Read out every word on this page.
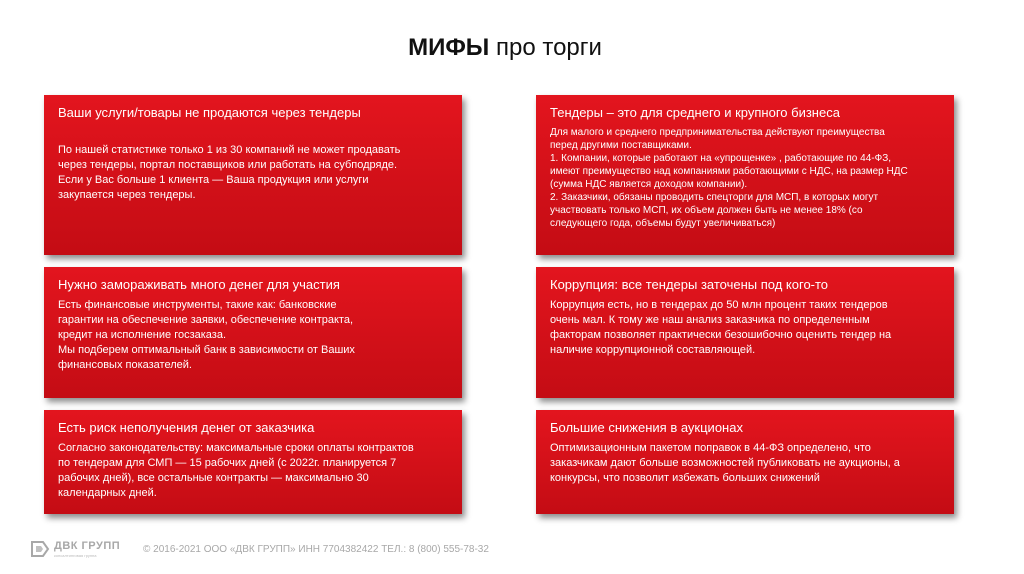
МИФЫ про торги
Ваши услуги/товары не продаются через тендеры
По нашей статистике только 1 из 30 компаний не может продавать
через тендеры, портал поставщиков или работать на субподряде.
Если у Вас больше 1 клиента — Ваша продукция или услуги
закупается через тендеры.
Тендеры – это для среднего и крупного бизнеса
Для малого и среднего предпринимательства действуют преимущества
перед другими поставщиками.
1. Компании, которые работают на «упрощенке» , работающие по 44-ФЗ,
имеют преимущество над компаниями работающими с НДС, на размер НДС
(сумма НДС является доходом компании).
2. Заказчики, обязаны проводить спецторги для МСП, в которых могут
участвовать только МСП, их объем должен быть не менее 18% (со
следующего года, объемы будут увеличиваться)
Нужно замораживать много денег для участия
Есть финансовые инструменты, такие как: банковские
гарантии на обеспечение заявки, обеспечение контракта,
кредит на исполнение госзаказа.
Мы подберем оптимальный банк в зависимости от Ваших
финансовых показателей.
Коррупция: все тендеры заточены под кого-то
Коррупция есть, но в тендерах до 50 млн процент таких тендеров
очень мал. К тому же наш анализ заказчика по определенным
факторам позволяет практически безошибочно оценить тендер на
наличие коррупционной составляющей.
Есть риск неполучения денег от заказчика
Согласно законодательству: максимальные сроки оплаты контрактов
по тендерам для СМП — 15 рабочих дней (с 2022г. планируется 7
рабочих дней), все остальные контракты — максимально 30
календарных дней.
Большие снижения в аукционах
Оптимизационным пакетом поправок в 44-ФЗ определено, что
заказчикам дают больше возможностей публиковать не аукционы, а
конкурсы, что позволит избежать больших снижений
ДВК ГРУПП
консалтинговая группа
© 2016-2021 ООО «ДВК ГРУПП» ИНН 7704382422 ТЕЛ.: 8 (800) 555-78-32
